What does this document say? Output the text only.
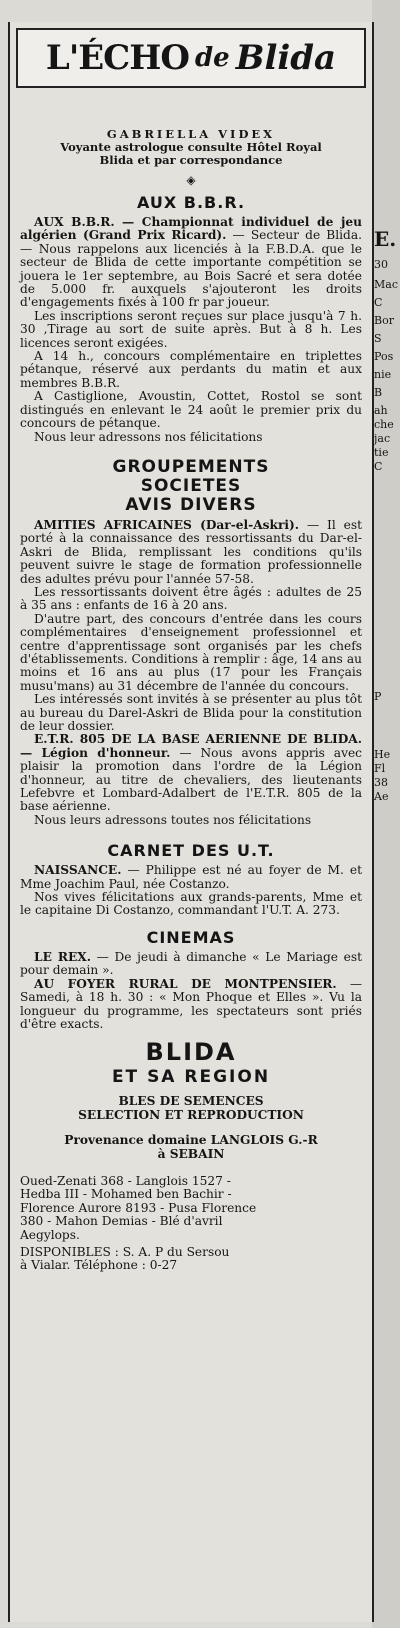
E.
30
Mac
C
Bor
S
Pos
nie
B
ah
che
jac
tie
C
P
He
Fl
38
Ae
L'ÉCHO de Blida
GABRIELLA VIDEX
Voyante astrologue consulte Hôtel Royal
Blida et par correspondance
◈
AUX B.B.R.

AUX B.B.R. — Championnat individuel de jeu algérien (Grand Prix Ricard). — Secteur de Blida. — Nous rappelons aux licenciés à la F.B.D.A. que le secteur de Blida de cette importante compétition se jouera le 1er septembre, au Bois Sacré et sera dotée de 5.000 fr. auxquels s'ajouteront les droits d'engagements fixés à 100 fr par joueur.

Les inscriptions seront reçues sur place jusqu'à 7 h. 30 ,Tirage au sort de suite après. But à 8 h. Les licences seront exigées.

A 14 h., concours complémentaire en triplettes pétanque, réservé aux perdants du matin et aux membres B.B.R.

A Castiglione, Avoustin, Cottet, Rostol se sont distingués en enlevant le 24 août le premier prix du concours de pétanque.

Nous leur adressons nos félicitations

GROUPEMENTS
SOCIETES
AVIS DIVERS

AMITIES AFRICAINES (Dar-el-Askri). — Il est porté à la connaissance des ressortissants du Dar-el-Askri de Blida, remplissant les conditions qu'ils peuvent suivre le stage de formation professionnelle des adultes prévu pour l'année 57-58.

Les ressortissants doivent être âgés : adultes de 25 à 35 ans : enfants de 16 à 20 ans.

D'autre part, des concours d'entrée dans les cours complémentaires d'enseignement professionnel et centre d'apprentissage sont organisés par les chefs d'établissements. Conditions à remplir : âge, 14 ans au moins et 16 ans au plus (17 pour les Français musu'mans) au 31 décembre de l'année du concours.

Les intéressés sont invités à se présenter au plus tôt au bureau du Darel-Askri de Blida pour la constitution de leur dossier.

E.T.R. 805 DE LA BASE AERIENNE DE BLIDA. — Légion d'honneur. — Nous avons appris avec plaisir la promotion dans l'ordre de la Légion d'honneur, au titre de chevaliers, des lieutenants Lefebvre et Lombard-Adalbert de l'E.T.R. 805 de la base aérienne.

Nous leurs adressons toutes nos félicitations

CARNET DES U.T.

NAISSANCE. — Philippe est né au foyer de M. et Mme Joachim Paul, née Costanzo.

Nos vives félicitations aux grands-parents, Mme et le capitaine Di Costanzo, commandant l'U.T. A. 273.

CINEMAS

LE REX. — De jeudi à dimanche « Le Mariage est pour demain ».

AU FOYER RURAL DE MONTPENSIER. — Samedi, à 18 h. 30 : « Mon Phoque et Elles ». Vu la longueur du programme, les spectateurs sont priés d'être exacts.

BLIDA
ET SA REGION

BLES DE SEMENCES

SELECTION ET REPRODUCTION

Provenance domaine LANGLOIS G.-R

à SEBAIN

Oued-Zenati 368 - Langlois 1527 -

Hedba III - Mohamed ben Bachir -

Florence Aurore 8193 - Pusa Florence

380 - Mahon Demias - Blé d'avril

Aegylops.

DISPONIBLES : S. A. P du Sersou

à Vialar. Téléphone : 0-27
